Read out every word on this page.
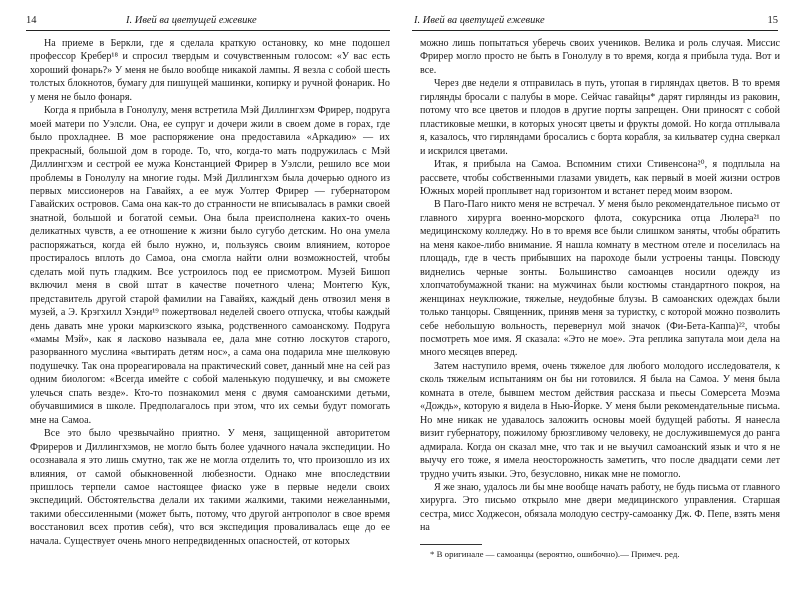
14	I. Ивей ва цветущей ежевике

На приеме в Беркли, где я сделала краткую остановку, ко мне подошел профессор Кребер¹⁸ и спросил твердым и сочувственным голосом: «У вас есть хороший фонарь?» У меня не было вообще никакой лампы. Я везла с собой шесть толстых блокнотов, бумагу для пишущей машинки, копирку и ручной фонарик. Но у меня не было фонаря.

Когда я прибыла в Гонолулу, меня встретила Мэй Диллингхэм Фрирер, подруга моей матери по Уэлсли. Она, ее супруг и дочери жили в своем доме в горах, где было прохладнее. В мое распоряжение она предоставила «Аркадию» — их прекрасный, большой дом в городе. То, что, когда-то мать подружилась с Мэй Диллингхэм и сестрой ее мужа Констанцией Фрирер в Уэлсли, решило все мои проблемы в Гонолулу на многие годы. Мэй Диллингхэм была дочерью одного из первых миссионеров на Гавайях, а ее муж Уолтер Фрирер — губернатором Гавайских островов. Сама она как-то до странности не вписывалась в рамки своей знатной, большой и богатой семьи. Она была преисполнена каких-то очень деликатных чувств, а ее отношение к жизни было сугубо детским. Но она умела распоряжаться, когда ей было нужно, и, пользуясь своим влиянием, которое простиралось вплоть до Самоа, она смогла найти олни возможностей, чтобы сделать мой путь гладким. Все устроилось под ее присмотром. Музей Бишоп включил меня в свой штат в качестве почетного члена; Монтегю Кук, представитель другой старой фамилии на Гавайях, каждый день отвозил меня в музей, а Э. Крэгхилл Хэнди¹⁹ пожертвовал неделей своего отпуска, чтобы каждый день давать мне уроки маркизского языка, родственного самоанскому. Подруга «мамы Мэй», как я ласково называла ее, дала мне сотню лоскутов старого, разорванного муслина «вытирать детям нос», а сама она подарила мне шелковую подушечку. Так она прореагировала на практический совет, данный мне на сей раз одним биологом: «Всегда имейте с собой маленькую подушечку, и вы сможете улечься спать везде». Кто-то познакомил меня с двумя самоанскими детьми, обучавшимися в школе. Предполагалось при этом, что их семьи будут помогать мне на Самоа.

Все это было чрезвычайно приятно. У меня, защищенной авторитетом Фриреров и Диллингхэмов, не могло быть более удачного начала экспедиции. Но осознавала я это лишь смутно, так же не могла отделить то, что произошло из их влияния, от самой обыкновенной любезности. Однако мне впоследствии пришлось терпели самое настоящее фиаско уже в первые недели своих экспедиций. Обстоятельства делали их такими жалкими, такими нежеланными, такими обессиленными (может быть, потому, что другой антрополог в свое время восстановил всех против себя), что вся экспедиция проваливалась еще до ее начала. Существует очень много непредвиденных опасностей, от которых

I. Ивей ва цветущей ежевике	15

можно лишь попытаться уберечь своих учеников. Велика и роль случая. Миссис Фрирер могло просто не быть в Гонолулу в то время, когда я прибыла туда. Вот и все.

Через две недели я отправилась в путь, утопая в гирляндах цветов. В то время гирлянды бросали с палубы в море. Сейчас гавайцы* дарят гирлянды из раковин, потому что все цветов и плодов в другие порты запрещен. Они приносят с собой пластиковые мешки, в которых уносят цветы и фрукты домой. Но когда отплывала я, казалось, что гирляндами бросались с борта корабля, за кильватер судна сверкал и искрился цветами.

Итак, я прибыла на Самоа. Вспомним стихи Стивенсона²⁰, я подплыла на рассвете, чтобы собственными глазами увидеть, как первый в моей жизни остров Южных морей проплывет над горизонтом и встанет перед моим взором.

В Паго-Паго никто меня не встречал. У меня было рекомендательное письмо от главного хирурга военно-морского флота, сокурсника отца Люлера²¹ по медицинскому колледжу. Но в то время все были слишком заняты, чтобы обратить на меня какое-либо внимание. Я нашла комнату в местном отеле и поселилась на площадь, где в честь прибывших на пароходе были устроены танцы. Повсюду виднелись черные зонты. Большинство самоанцев носили одежду из хлопчатобумажной ткани: на мужчинах были костюмы стандартного покроя, на женщинах неуклюжие, тяжелые, неудобные блузы. В самоанских одеждах были только танцоры. Священник, приняв меня за туристку, с которой можно позволить себе небольшую вольность, перевернул мой значок (Фи-Бета-Каппа)²², чтобы посмотреть мое имя. Я сказала: «Это не мое». Эта реплика запутала мои дела на много месяцев вперед.

Затем наступило время, очень тяжелое для любого молодого исследователя, к сколь тяжелым испытаниям он бы ни готовился. Я была на Самоа. У меня была комната в отеле, бывшем местом действия рассказа и пьесы Сомерсета Моэма «Дождь», которую я видела в Нью-Йорке. У меня были рекомендательные письма. Но мне никак не удавалось заложить основы моей будущей работы. Я нанесла визит губернатору, пожилому брюзгливому человеку, не дослужившемуся до ранга адмирала. Когда он сказал мне, что так и не выучил самоанский язык и что я не выучу его тоже, я имела неосторожность заметить, что после двадцати семи лет трудно учить языки. Это, безусловно, никак мне не помогло.

Я же знаю, удалось ли бы мне вообще начать работу, не будь письма от главного хирурга. Это письмо открыло мне двери медицинского управления. Старшая сестра, мисс Ходжесон, обязала молодую сестру-самоанку Дж. Ф. Пепе, взять меня на

* В оригинале — самоанцы (вероятно, ошибочно).— Примеч. ред.
